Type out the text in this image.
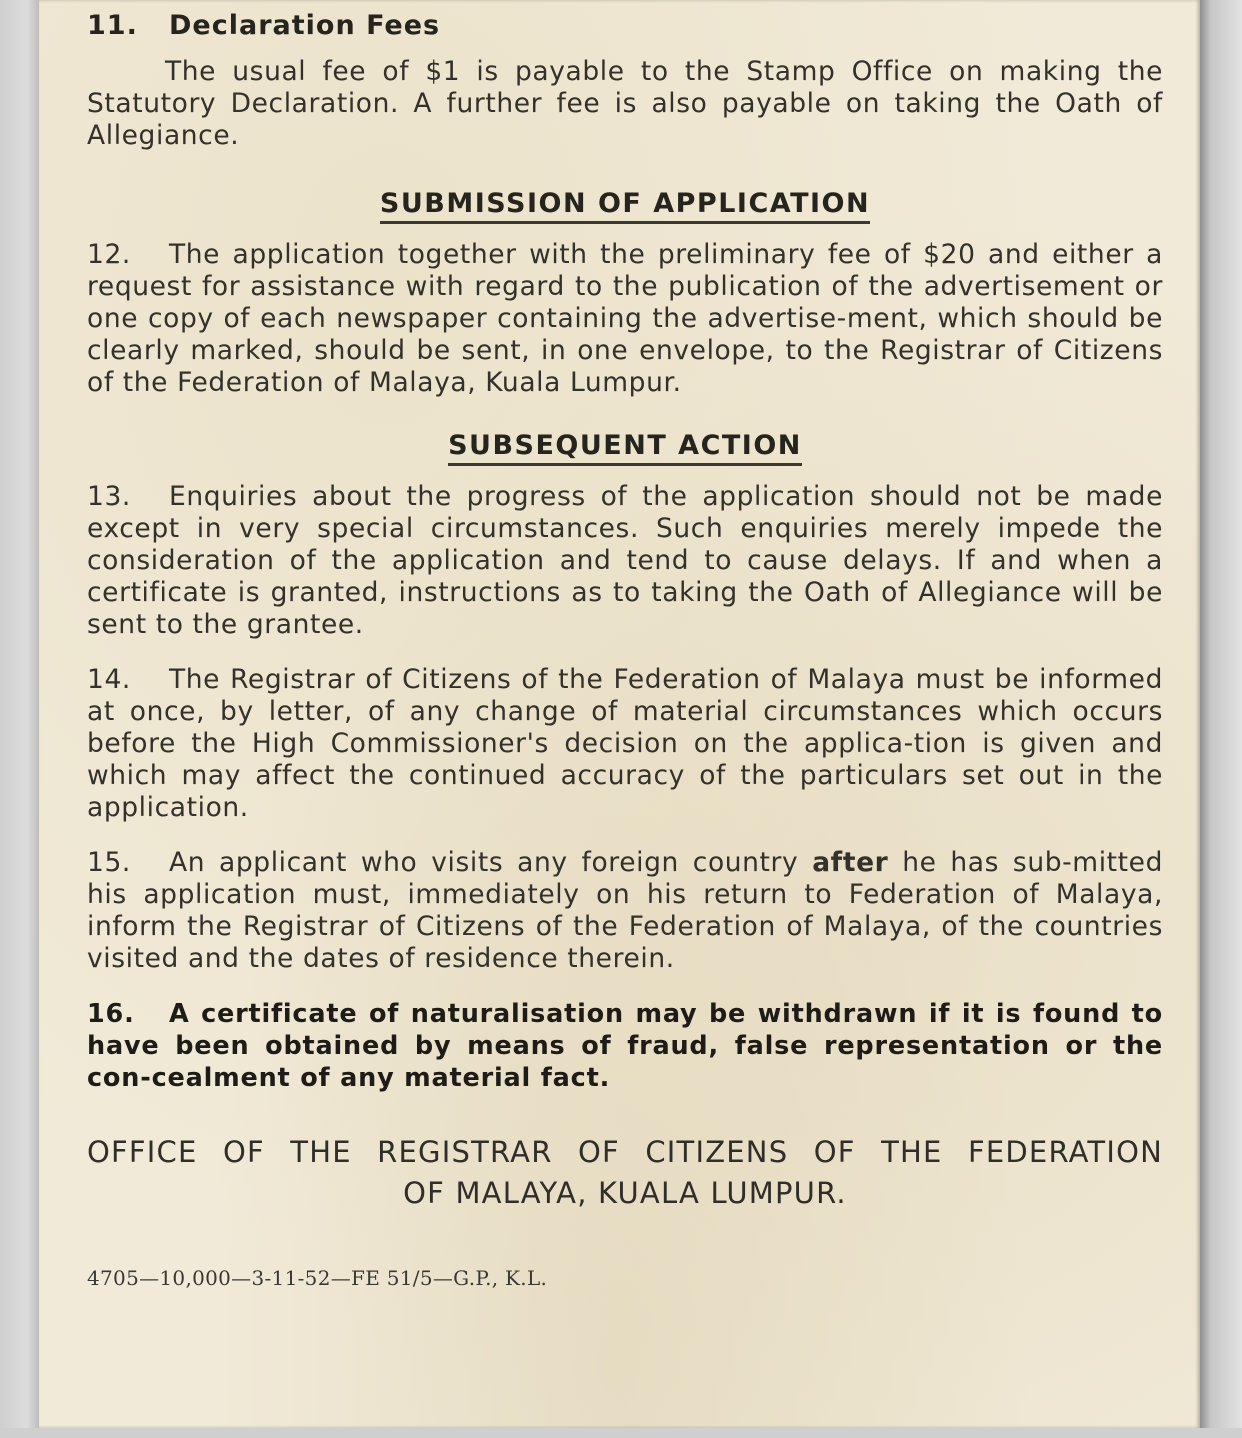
11. Declaration Fees

The usual fee of $1 is payable to the Stamp Office on making the Statutory Declaration. A further fee is also payable on taking the Oath of Allegiance.

SUBMISSION OF APPLICATION

12. The application together with the preliminary fee of $20 and either a request for assistance with regard to the publication of the advertisement or one copy of each newspaper containing the advertise-ment, which should be clearly marked, should be sent, in one envelope, to the Registrar of Citizens of the Federation of Malaya, Kuala Lumpur.

SUBSEQUENT ACTION

13. Enquiries about the progress of the application should not be made except in very special circumstances. Such enquiries merely impede the consideration of the application and tend to cause delays. If and when a certificate is granted, instructions as to taking the Oath of Allegiance will be sent to the grantee.

14. The Registrar of Citizens of the Federation of Malaya must be informed at once, by letter, of any change of material circumstances which occurs before the High Commissioner's decision on the applica-tion is given and which may affect the continued accuracy of the particulars set out in the application.

15. An applicant who visits any foreign country after he has sub-mitted his application must, immediately on his return to Federation of Malaya, inform the Registrar of Citizens of the Federation of Malaya, of the countries visited and the dates of residence therein.

16. A certificate of naturalisation may be withdrawn if it is found to have been obtained by means of fraud, false representation or the con-cealment of any material fact.

OFFICE OF THE REGISTRAR OF CITIZENS OF THE FEDERATION
OF MALAYA, KUALA LUMPUR.

4705—10,000—3-11-52—FE 51/5—G.P., K.L.
